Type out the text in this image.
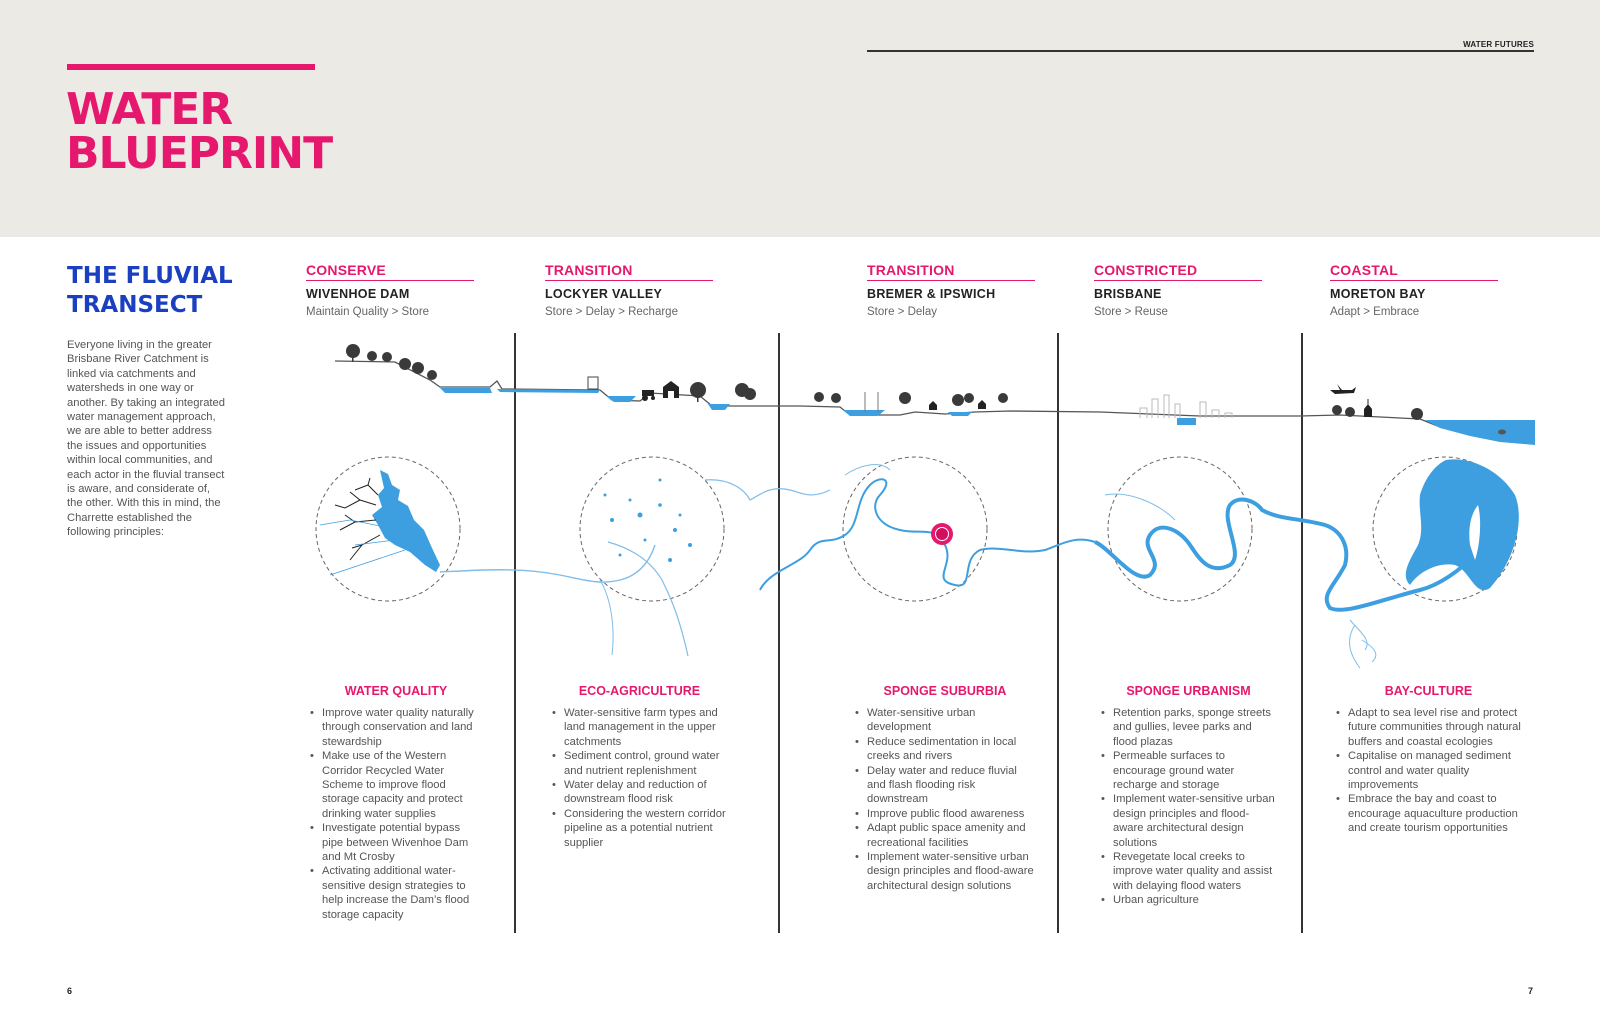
WATER
BLUEPRINT
WATER FUTURES
THE FLUVIAL
TRANSECT
Everyone living in the greater Brisbane River Catchment is linked via catchments and watersheds in one way or another. By taking an integrated water management approach, we are able to better address the issues and opportunities within local communities, and each actor in the fluvial transect is aware, and considerate of, the other. With this in mind, the Charrette established the following principles:
CONSERVE
WIVENHOE DAM
Maintain Quality > Store
TRANSITION
LOCKYER VALLEY
Store > Delay > Recharge
TRANSITION
BREMER & IPSWICH
Store > Delay
CONSTRICTED
BRISBANE
Store > Reuse
COASTAL
MORETON BAY
Adapt > Embrace
WATER QUALITY
• Improve water quality naturally through conservation and land stewardship
• Make use of the Western Corridor Recycled Water Scheme to improve flood storage capacity and protect drinking water supplies
• Investigate potential bypass pipe between Wivenhoe Dam and Mt Crosby
• Activating additional water-sensitive design strategies to help increase the Dam’s flood storage capacity
ECO-AGRICULTURE
• Water-sensitive farm types and land management in the upper catchments
• Sediment control, ground water and nutrient replenishment
• Water delay and reduction of downstream flood risk
• Considering the western corridor pipeline as a potential nutrient supplier
SPONGE SUBURBIA
• Water-sensitive urban development
• Reduce sedimentation in local creeks and rivers
• Delay water and reduce fluvial and flash flooding risk downstream
• Improve public flood awareness
• Adapt public space amenity and recreational facilities
• Implement water-sensitive urban design principles and flood-aware architectural design solutions
SPONGE URBANISM
• Retention parks, sponge streets and gullies, levee parks and flood plazas
• Permeable surfaces to encourage ground water recharge and storage
• Implement water-sensitive urban design principles and flood-aware architectural design solutions
• Revegetate local creeks to improve water quality and assist with delaying flood waters
• Urban agriculture
BAY-CULTURE
• Adapt to sea level rise and protect future communities through natural buffers and coastal ecologies
• Capitalise on managed sediment control and water quality improvements
• Embrace the bay and coast to encourage aquaculture production and create tourism opportunities
6	7
